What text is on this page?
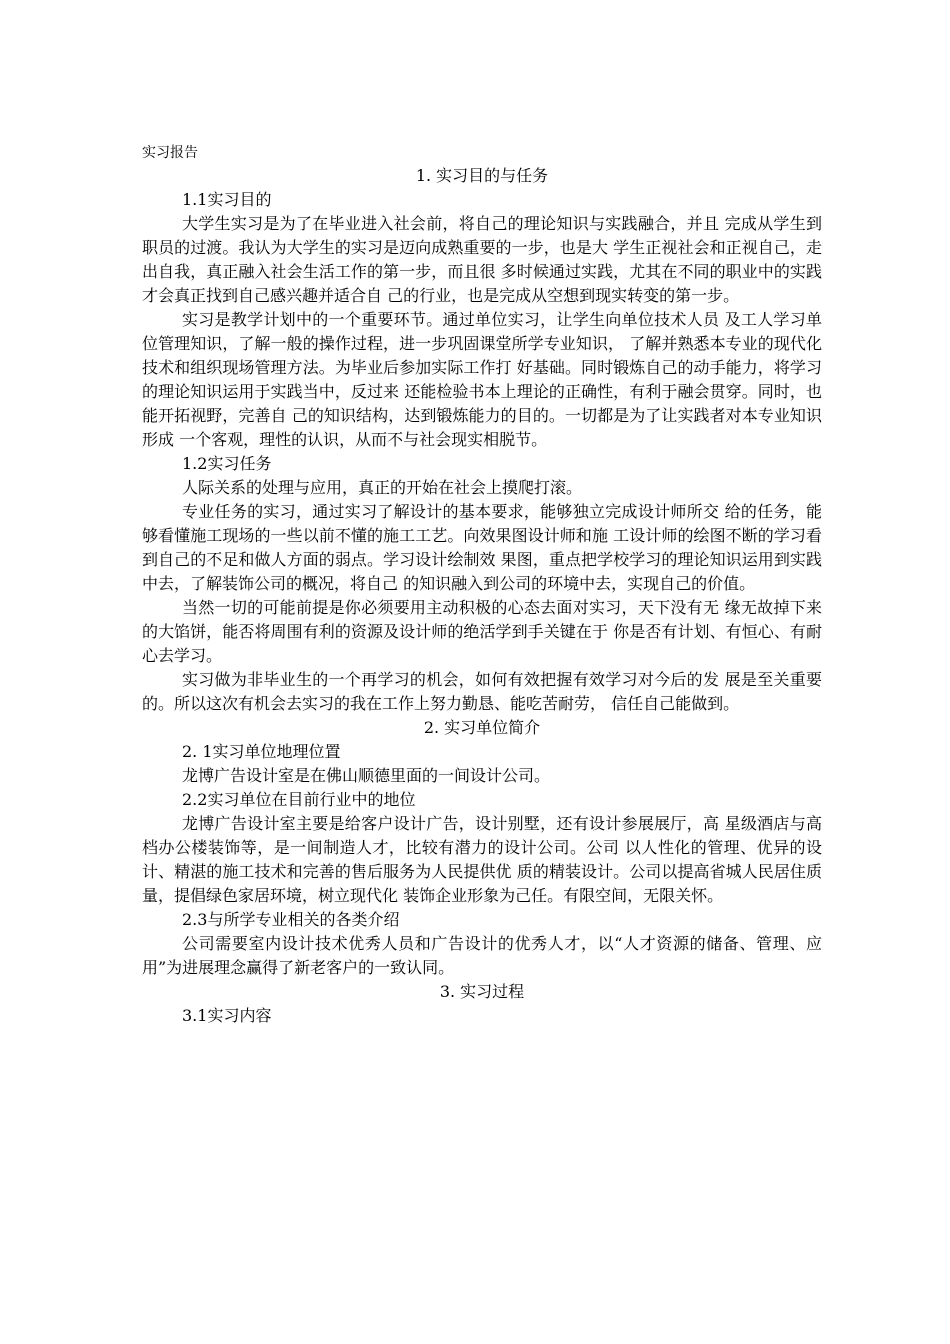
实习报告
1. 实习目的与任务
1.1实习目的

大学生实习是为了在毕业进入社会前，将自己的理论知识与实践融合，并且 完成从学生到职员的过渡。我认为大学生的实习是迈向成熟重要的一步，也是大 学生正视社会和正视自己，走出自我，真正融入社会生活工作的第一步，而且很 多时候通过实践，尤其在不同的职业中的实践才会真正找到自己感兴趣并适合自 己的行业，也是完成从空想到现实转变的第一步。

实习是教学计划中的一个重要环节。通过单位实习，让学生向单位技术人员 及工人学习单位管理知识，了解一般的操作过程，进一步巩固课堂所学专业知识， 了解并熟悉本专业的现代化技术和组织现场管理方法。为毕业后参加实际工作打 好基础。同时锻炼自己的动手能力，将学习的理论知识运用于实践当中，反过来 还能检验书本上理论的正确性，有利于融会贯穿。同时，也能开拓视野，完善自 己的知识结构，达到锻炼能力的目的。一切都是为了让实践者对本专业知识形成 一个客观，理性的认识，从而不与社会现实相脱节。

1.2实习任务

人际关系的处理与应用，真正的开始在社会上摸爬打滚。

专业任务的实习，通过实习了解设计的基本要求，能够独立完成设计师所交 给的任务，能够看懂施工现场的一些以前不懂的施工工艺。向效果图设计师和施 工设计师的绘图不断的学习看到自己的不足和做人方面的弱点。学习设计绘制效 果图，重点把学校学习的理论知识运用到实践中去，了解装饰公司的概况，将自己 的知识融入到公司的环境中去，实现自己的价值。

当然一切的可能前提是你必须要用主动积极的心态去面对实习，天下没有无 缘无故掉下来的大馅饼，能否将周围有利的资源及设计师的绝活学到手关键在于 你是否有计划、有恒心、有耐心去学习。

实习做为非毕业生的一个再学习的机会，如何有效把握有效学习对今后的发 展是至关重要的。所以这次有机会去实习的我在工作上努力勤恳、能吃苦耐劳， 信任自己能做到。

2. 实习单位简介
2. 1实习单位地理位置

龙博广告设计室是在佛山顺德里面的一间设计公司。

2.2实习单位在目前行业中的地位

龙博广告设计室主要是给客户设计广告，设计别墅，还有设计参展展厅，高 星级酒店与高档办公楼装饰等，是一间制造人才，比较有潜力的设计公司。公司 以人性化的管理、优异的设计、精湛的施工技术和完善的售后服务为人民提供优 质的精装设计。公司以提高省城人民居住质量，提倡绿色家居环境，树立现代化 装饰企业形象为己任。有限空间，无限关怀。

2.3与所学专业相关的各类介绍

公司需要室内设计技术优秀人员和广告设计的优秀人才，以“人才资源的储备、管理、应用”为进展理念赢得了新老客户的一致认同。

3. 实习过程
3.1实习内容
